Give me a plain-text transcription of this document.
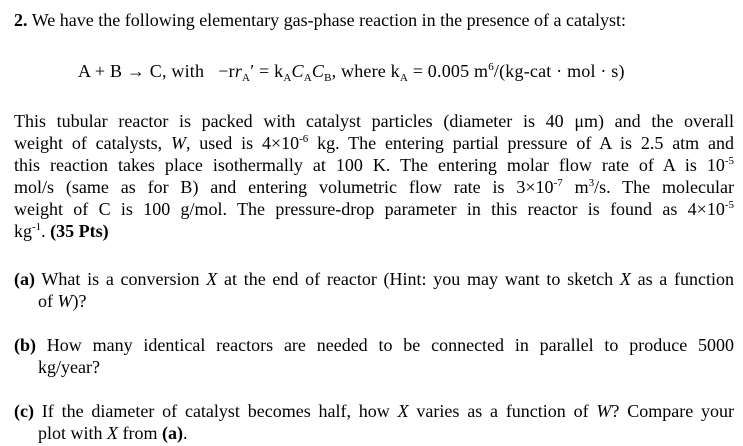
2. We have the following elementary gas-phase reaction in the presence of a catalyst:
A + B → C, with $-rr_A' = k_AC_AC_B$, where $k_A = 0.005$ $m^6/(kg$-cat · mol · s)
This tubular reactor is packed with catalyst particles (diameter is 40 μm) and the overall
weight of catalysts, W, used is $4\times 10^{-6}$ kg. The entering partial pressure of A is 2.5 atm and
this reaction takes place isothermally at 100 K. The entering molar flow rate of A is $10^{-5}$
mol/s (same as for B) and entering volumetric flow rate is $3\times 10^{-7}$ $m^3/s$. The molecular
weight of C is 100 g/mol. The pressure-drop parameter in this reactor is found as $4\times 10^{-5}$
$kg^{-1}$. (35 Pts)
(a) What is a conversion X at the end of reactor (Hint: you may want to sketch X as a function
of W)?
(b) How many identical reactors are needed to be connected in parallel to produce 5000
kg/year?
(c) If the diameter of catalyst becomes half, how X varies as a function of W? Compare your
plot with X from (a).
